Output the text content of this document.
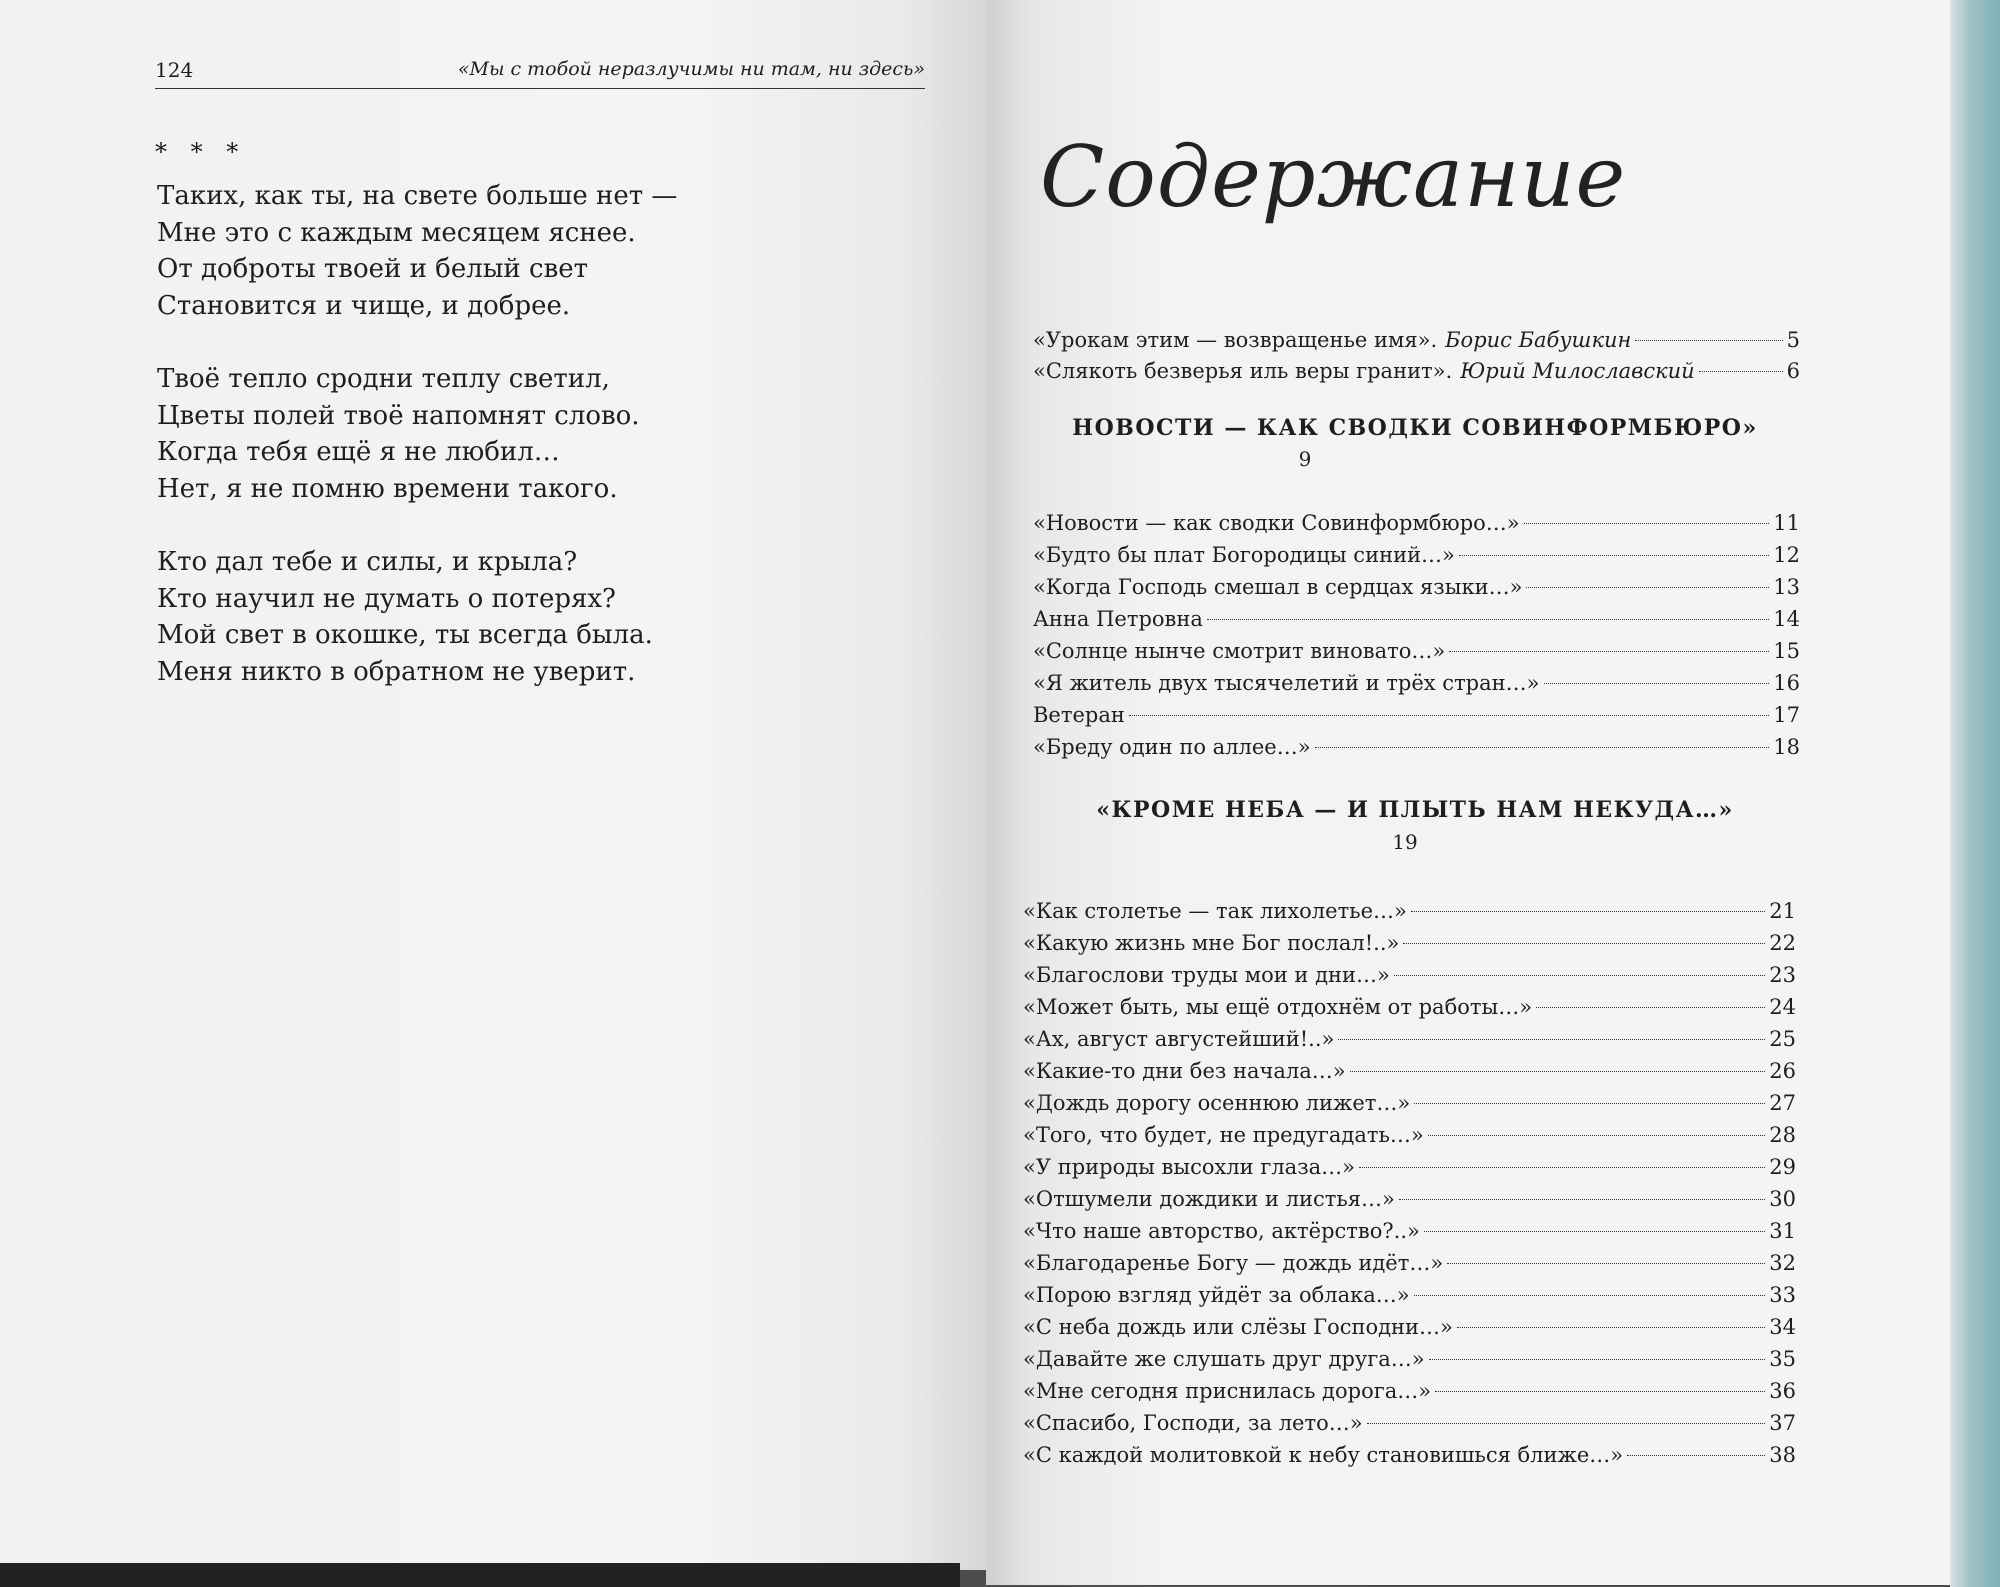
124	«Мы с тобой неразлучимы ни там, ни здесь»
* * *
Таких, как ты, на свете больше нет —
Мне это с каждым месяцем яснее.
От доброты твоей и белый свет
Становится и чище, и добрее.
Твоё тепло сродни теплу светил,
Цветы полей твоё напомнят слово.
Когда тебя ещё я не любил…
Нет, я не помню времени такого.
Кто дал тебе и силы, и крыла?
Кто научил не думать о потерях?
Мой свет в окошке, ты всегда была.
Меня никто в обратном не уверит.
Содержание
«Урокам этим — возвращенье имя». Борис Бабушкин	5
«Слякоть безверья иль веры гранит». Юрий Милославский	6
НОВОСТИ — КАК СВОДКИ СОВИНФОРМБЮРО»
9
«Новости — как сводки Совинформбюро…»	11
«Будто бы плат Богородицы синий…»	12
«Когда Господь смешал в сердцах языки…»	13
Анна Петровна	14
«Солнце нынче смотрит виновато…»	15
«Я житель двух тысячелетий и трёх стран…»	16
Ветеран	17
«Бреду один по аллее…»	18
«КРОМЕ НЕБА — И ПЛЫТЬ НАМ НЕКУДА…»
19
«Как столетье — так лихолетье…»	21
«Какую жизнь мне Бог послал!..»	22
«Благослови труды мои и дни…»	23
«Может быть, мы ещё отдохнём от работы…»	24
«Ах, август августейший!..»	25
«Какие-то дни без начала…»	26
«Дождь дорогу осеннюю лижет…»	27
«Того, что будет, не предугадать…»	28
«У природы высохли глаза…»	29
«Отшумели дождики и листья…»	30
«Что наше авторство, актёрство?..»	31
«Благодаренье Богу — дождь идёт…»	32
«Порою взгляд уйдёт за облака…»	33
«С неба дождь или слёзы Господни…»	34
«Давайте же слушать друг друга…»	35
«Мне сегодня приснилась дорога…»	36
«Спасибо, Господи, за лето…»	37
«С каждой молитовкой к небу становишься ближе…»	38
